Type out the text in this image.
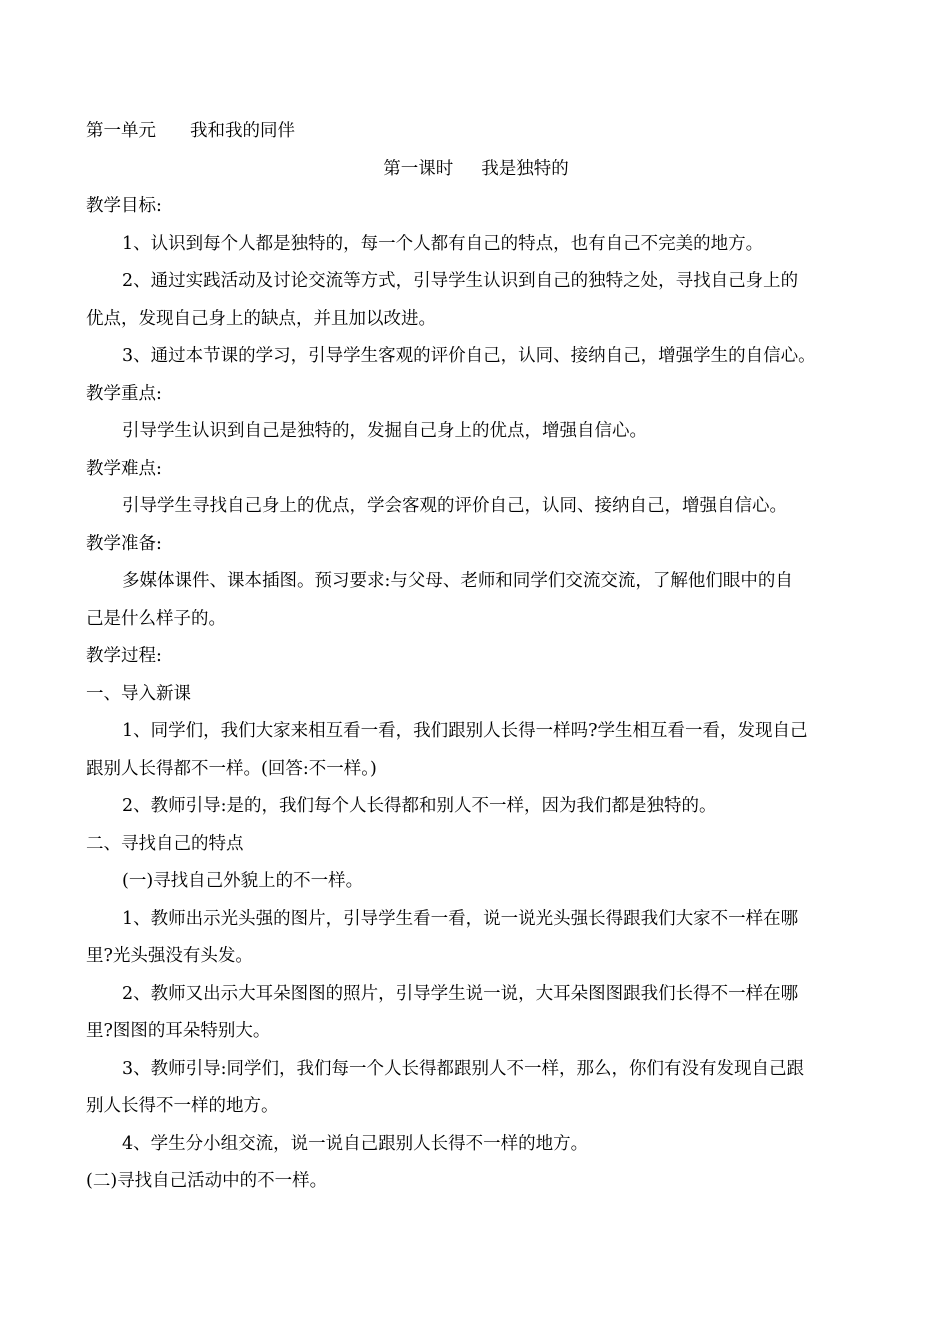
第一单元 我和我的同伴
第一课时 我是独特的
教学目标:
1、认识到每个人都是独特的，每一个人都有自己的特点，也有自己不完美的地方。
2、通过实践活动及讨论交流等方式，引导学生认识到自己的独特之处，寻找自己身上的
优点，发现自己身上的缺点，并且加以改进。
3、通过本节课的学习，引导学生客观的评价自己，认同、接纳自己，增强学生的自信心。
教学重点:
引导学生认识到自己是独特的，发掘自己身上的优点，增强自信心。
教学难点:
引导学生寻找自己身上的优点，学会客观的评价自己，认同、接纳自己，增强自信心。
教学准备:
多媒体课件、课本插图。预习要求:与父母、老师和同学们交流交流，了解他们眼中的自
己是什么样子的。
教学过程:
一、导入新课
1、同学们，我们大家来相互看一看，我们跟别人长得一样吗?学生相互看一看，发现自己
跟别人长得都不一样。(回答:不一样。)
2、教师引导:是的，我们每个人长得都和别人不一样，因为我们都是独特的。
二、寻找自己的特点
(一)寻找自己外貌上的不一样。
1、教师出示光头强的图片，引导学生看一看，说一说光头强长得跟我们大家不一样在哪
里?光头强没有头发。
2、教师又出示大耳朵图图的照片，引导学生说一说，大耳朵图图跟我们长得不一样在哪
里?图图的耳朵特别大。
3、教师引导:同学们，我们每一个人长得都跟别人不一样，那么，你们有没有发现自己跟
别人长得不一样的地方。
4、学生分小组交流，说一说自己跟别人长得不一样的地方。
(二)寻找自己活动中的不一样。
